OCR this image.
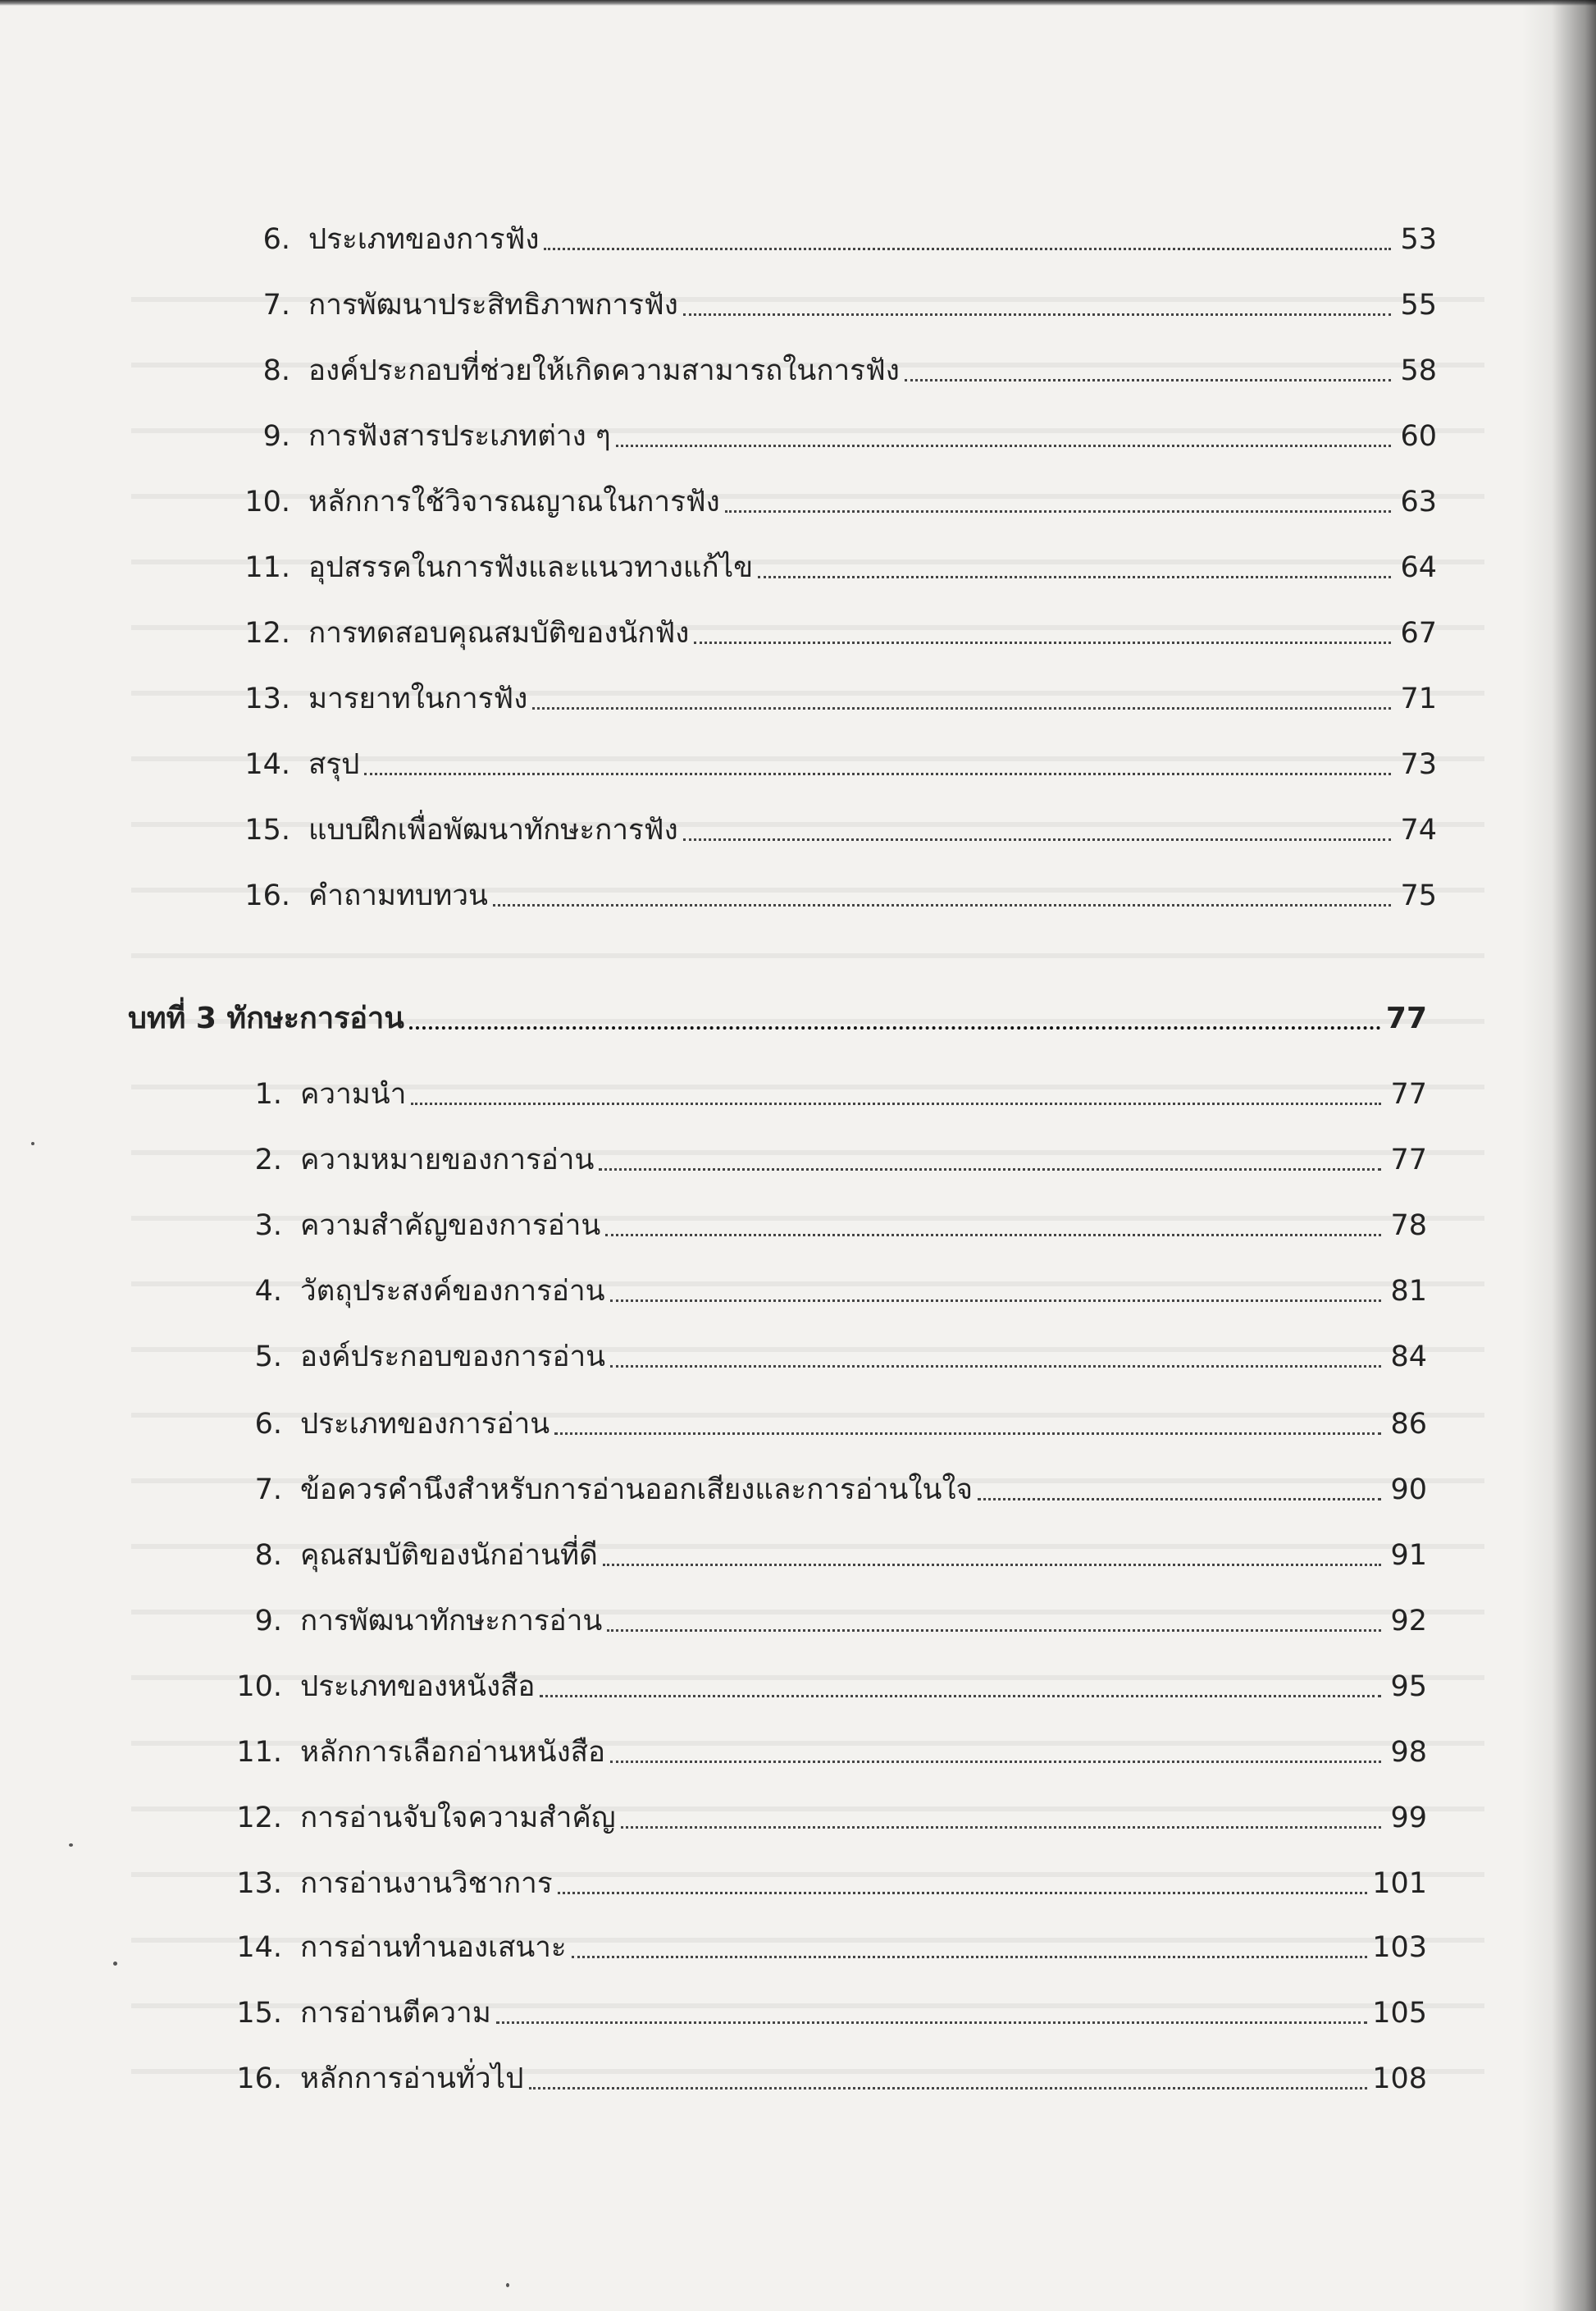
6. ประเภทของการฟัง	53
7. การพัฒนาประสิทธิภาพการฟัง	55
8. องค์ประกอบที่ช่วยให้เกิดความสามารถในการฟัง	58
9. การฟังสารประเภทต่าง ๆ	60
10. หลักการใช้วิจารณญาณในการฟัง	63
11. อุปสรรคในการฟังและแนวทางแก้ไข	64
12. การทดสอบคุณสมบัติของนักฟัง	67
13. มารยาทในการฟัง	71
14. สรุป	73
15. แบบฝึกเพื่อพัฒนาทักษะการฟัง	74
16. คำถามทบทวน	75
บทที่ 3 ทักษะการอ่าน	77
1. ความนำ	77
2. ความหมายของการอ่าน	77
3. ความสำคัญของการอ่าน	78
4. วัตถุประสงค์ของการอ่าน	81
5. องค์ประกอบของการอ่าน	84
6. ประเภทของการอ่าน	86
7. ข้อควรคำนึงสำหรับการอ่านออกเสียงและการอ่านในใจ	90
8. คุณสมบัติของนักอ่านที่ดี	91
9. การพัฒนาทักษะการอ่าน	92
10. ประเภทของหนังสือ	95
11. หลักการเลือกอ่านหนังสือ	98
12. การอ่านจับใจความสำคัญ	99
13. การอ่านงานวิชาการ	101
14. การอ่านทำนองเสนาะ	103
15. การอ่านตีความ	105
16. หลักการอ่านทั่วไป	108
